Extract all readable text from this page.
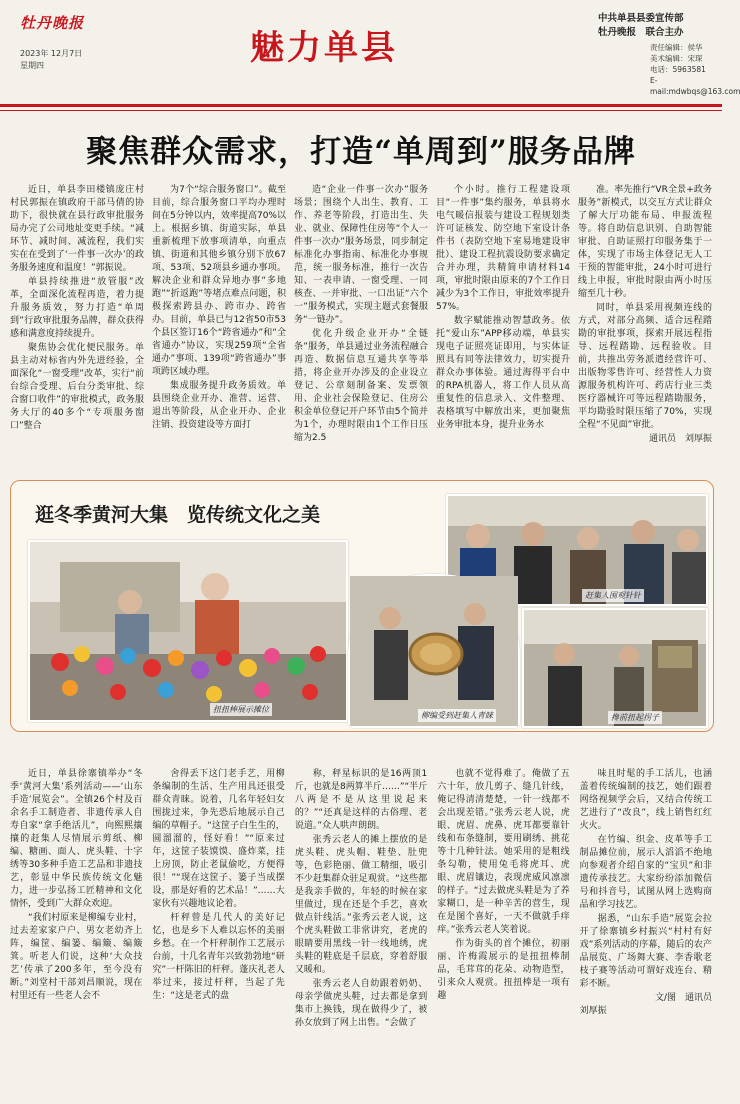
牡丹晚报
2023年 12月7日
星期四	魅力单县
中共单县县委宣传部
牡丹晚报　联合主办
责任编辑：侯华
美术编辑：宋琛
电话：5963581
E-mail:mdwbqs@163.com
聚焦群众需求，打造“单周到”服务品牌

近日，单县李田楼镇庞庄村村民郭振在镇政府干部马倩的协助下，很快就在县行政审批服务局办完了公司地址变更手续。“减环节、减时间、减流程，我们实实在在受到了‘一件事一次办’的政务服务速度和温度！”郭振说。

单县持续推进“放管服”改革，全面深化流程再造，着力提升服务质效，努力打造“单周到”行政审批服务品牌，群众获得感和满意度持续提升。

聚焦协会优化便民服务。单县主动对标省内外先进经验，全面深化“一窗受理”改革，实行“前台综合受理、后台分类审批、综合窗口收件”的审批模式，政务服务大厅的40多个“专项服务窗口”整合

为7个“综合服务窗口”。截至目前，综合服务窗口平均办理时间在5分钟以内，效率提高70%以上。根据乡镇、街道实际，单县重新梳理下放事项清单，向重点镇、街道和其他乡镇分别下放67项、53项、52项县乡通办事项。解决企业和群众异地办事“多地跑”“折返跑”等堵点难点问题，积极探索跨县办、跨市办、跨省办。目前，单县已与12省50市53个县区签订16个“跨省通办”和“全省通办”协议，实现259项“全省通办”事项、139项“跨省通办”事项跨区域办理。

集成服务提升政务质效。单县围绕企业开办、准营、运营、退出等阶段，从企业开办、企业注销、投资建设等方面打

造“企业一件事一次办”服务场景；围绕个人出生、教育、工作、养老等阶段，打造出生、失业、就业、保障性住房等“个人一件事一次办”服务场景，同步制定标准化办事指南、标准化办事规范，统一服务标准，推行一次告知、一表申请、一窗受理、一同核查、一并审批、一口出证“六个一”服务模式，实现主题式套餐服务“一链办”。

优化升级企业开办“全链条”服务，单县通过业务流程融合再造、数据信息互通共享等举措，将企业开办涉及的企业设立登记、公章刻制备案、发票领用、企业社会保险登记、住房公积金单位登记开户环节由5个简并为1个，办理时限由1个工作日压缩为2.5

个小时。推行工程建设项目“一件事”集约服务，单县将水电气暖信报装与建设工程规划类许可证核发、防空地下室设计条件书（表防空地下室易地建设审批）、建设工程抗震设防要求确定合并办理，共精简申请材料14项，审批时限由原来的7个工作日减少为3个工作日，审批效率提升57%。

数字赋能推动智慧政务。依托“爱山东”APP移动端，单县实现电子证照亮证即用，与实体证照具有同等法律效力，切实提升群众办事体验。通过海得平台中的RPA机器人，将工作人员从高重复性的信息录入、文件整理、表格填写中解放出来，更加聚焦业务审批本身，提升业务水

准。率先推行“VR全景+政务服务”新模式，以交互方式让群众了解大厅功能布局、申报流程等。将自助信息识别、自助智能审批、自助证照打印服务集于一体，实现了市场主体登记无人工干预的智能审批，24小时可进行线上申报，审批时限由两小时压缩至几十秒。

同时，单县采用视频连线的方式，对部分高频、适合远程踏勘的审批事项，探索开展远程指导、远程踏勘、远程验收。目前，共推出劳务派遣经营许可、出版物零售许可、经营性人力资源服务机构许可、药店行业三类医疗器械许可等远程踏勘服务，平均勘验时限压缩了70%，实现全程“不见面”审批。

通讯员　刘厚振
逛冬季黄河大集　览传统文化之美
扭扭棒展示摊位
赶集人围观针针
柳编受到赶集人青睐	搀前扭起拐子

近日，单县徐寨镇举办“冬季‘黄河大集’系列活动——‘山东手造’展览会”。全镇26个村及百余名手工制造者、非遗传承人自寿自家“拿手绝活儿”，向熙熙攘攘的赶集人尽情展示剪纸、柳编、糖画、面人、虎头鞋、十字绣等30多种手造工艺品和非遗技艺，彰显中华民族传统文化魅力，进一步弘扬工匠精神和文化情怀，受到广大群众欢迎。

“我们村原来是柳编专业村，过去差家家户户、男女老幼齐上阵，编筐、编篓、编簸、编簸箕。听老人们说，这种‘大众技艺’传承了200多年，至今没有断。”刘堂村干部刘昌顺说，现在村里还有一些老人会不

舍得丢下这门老手艺，用柳条编制的生活、生产用具还很受群众青睐。说着，几名年轻妇女围拢过来，争先恐后地展示自己编的草帽子。“这筐子白生生的，圆溜溜的，怪好看！”“原来过年，这筐子装馍馍、盛炸菜，挂上房顶，防止老鼠偷吃，方便得很！”“现在这筐子、篓子当成摆设，那是好看的艺术品！”……大家伙有兴趣地议论着。

杆秤曾是几代人的美好记忆，也是乡下人难以忘怀的美丽乡愁。在一个杆秤制作工艺展示台前，十几名青年兴致勃勃地“研究”一杆陈旧的杆秤。蓬庆礼老人举过来，接过杆秤，当起了先生：“这是老式的盘

称，秤星标识的是16两顶1斤，也就是8两算半斤……”“半斤八两是不是从这里说起来的？”“还真是这样的古俗理、老说道。”众人哄声朗朗。

张秀云老人的摊上摆放的是虎头鞋、虎头帽、鞋垫、肚兜等，色彩艳丽、做工精细，吸引不少赶集群众驻足观赏。“这些都是我亲手做的，年轻的时候在家里做过，现在还是个手艺，喜欢做点针线活。”张秀云老人说，这个虎头鞋做工非常讲究，老虎的眼睛要用黑线一针一线地绣，虎头鞋的鞋底是千层底，穿着舒服又暖和。

张秀云老人自幼跟着奶奶、母亲学做虎头鞋，过去都是拿到集市上换钱，现在做得少了，被孙女放到了网上出售。“会做了

也就不觉得难了。俺做了五六十年，放几剪子、缝几针线，俺记得清清楚楚，一针一线都不会出现差错。”张秀云老人说，虎眼、虎眉、虎鼻、虎耳都要靠针线和布条缝制，要用刷绣、挑花等十几种针法。她采用的是粗线条勾勒，使用兔毛将虎耳、虎眼、虎眉镶边，表现虎威风凛凛的样子。“过去做虎头鞋是为了养家糊口，是一种辛苦的营生，现在是图个喜好，一天不做就手痒痒。”张秀云老人笑着说。

作为街头的首个摊位，初丽丽、许梅霞展示的是扭扭棒制品，毛茸茸的花朵、动物造型，引来众人观赏。扭扭棒是一项有趣

味且时髦的手工活儿，也涵盖着传统编制的技艺，她们跟着网络视频学会后，又结合传统工艺进行了“改良”，线上销售红红火火。

在竹编、织金、皮革等手工制品摊位前，展示人滔滔不绝地向参观者介绍自家的“宝贝”和非遗传承技艺。大家纷纷添加微信号和抖音号，试图从网上选购商品和学习技艺。

据悉，“山东手造”展览会拉开了徐寨镇乡村振兴“村村有好戏”系列活动的序幕，随后的农产品展览、广场舞大赛、李香歌老枝子赛等活动可谓好戏连台、精彩不断。

文/图　通讯员

刘厚振
